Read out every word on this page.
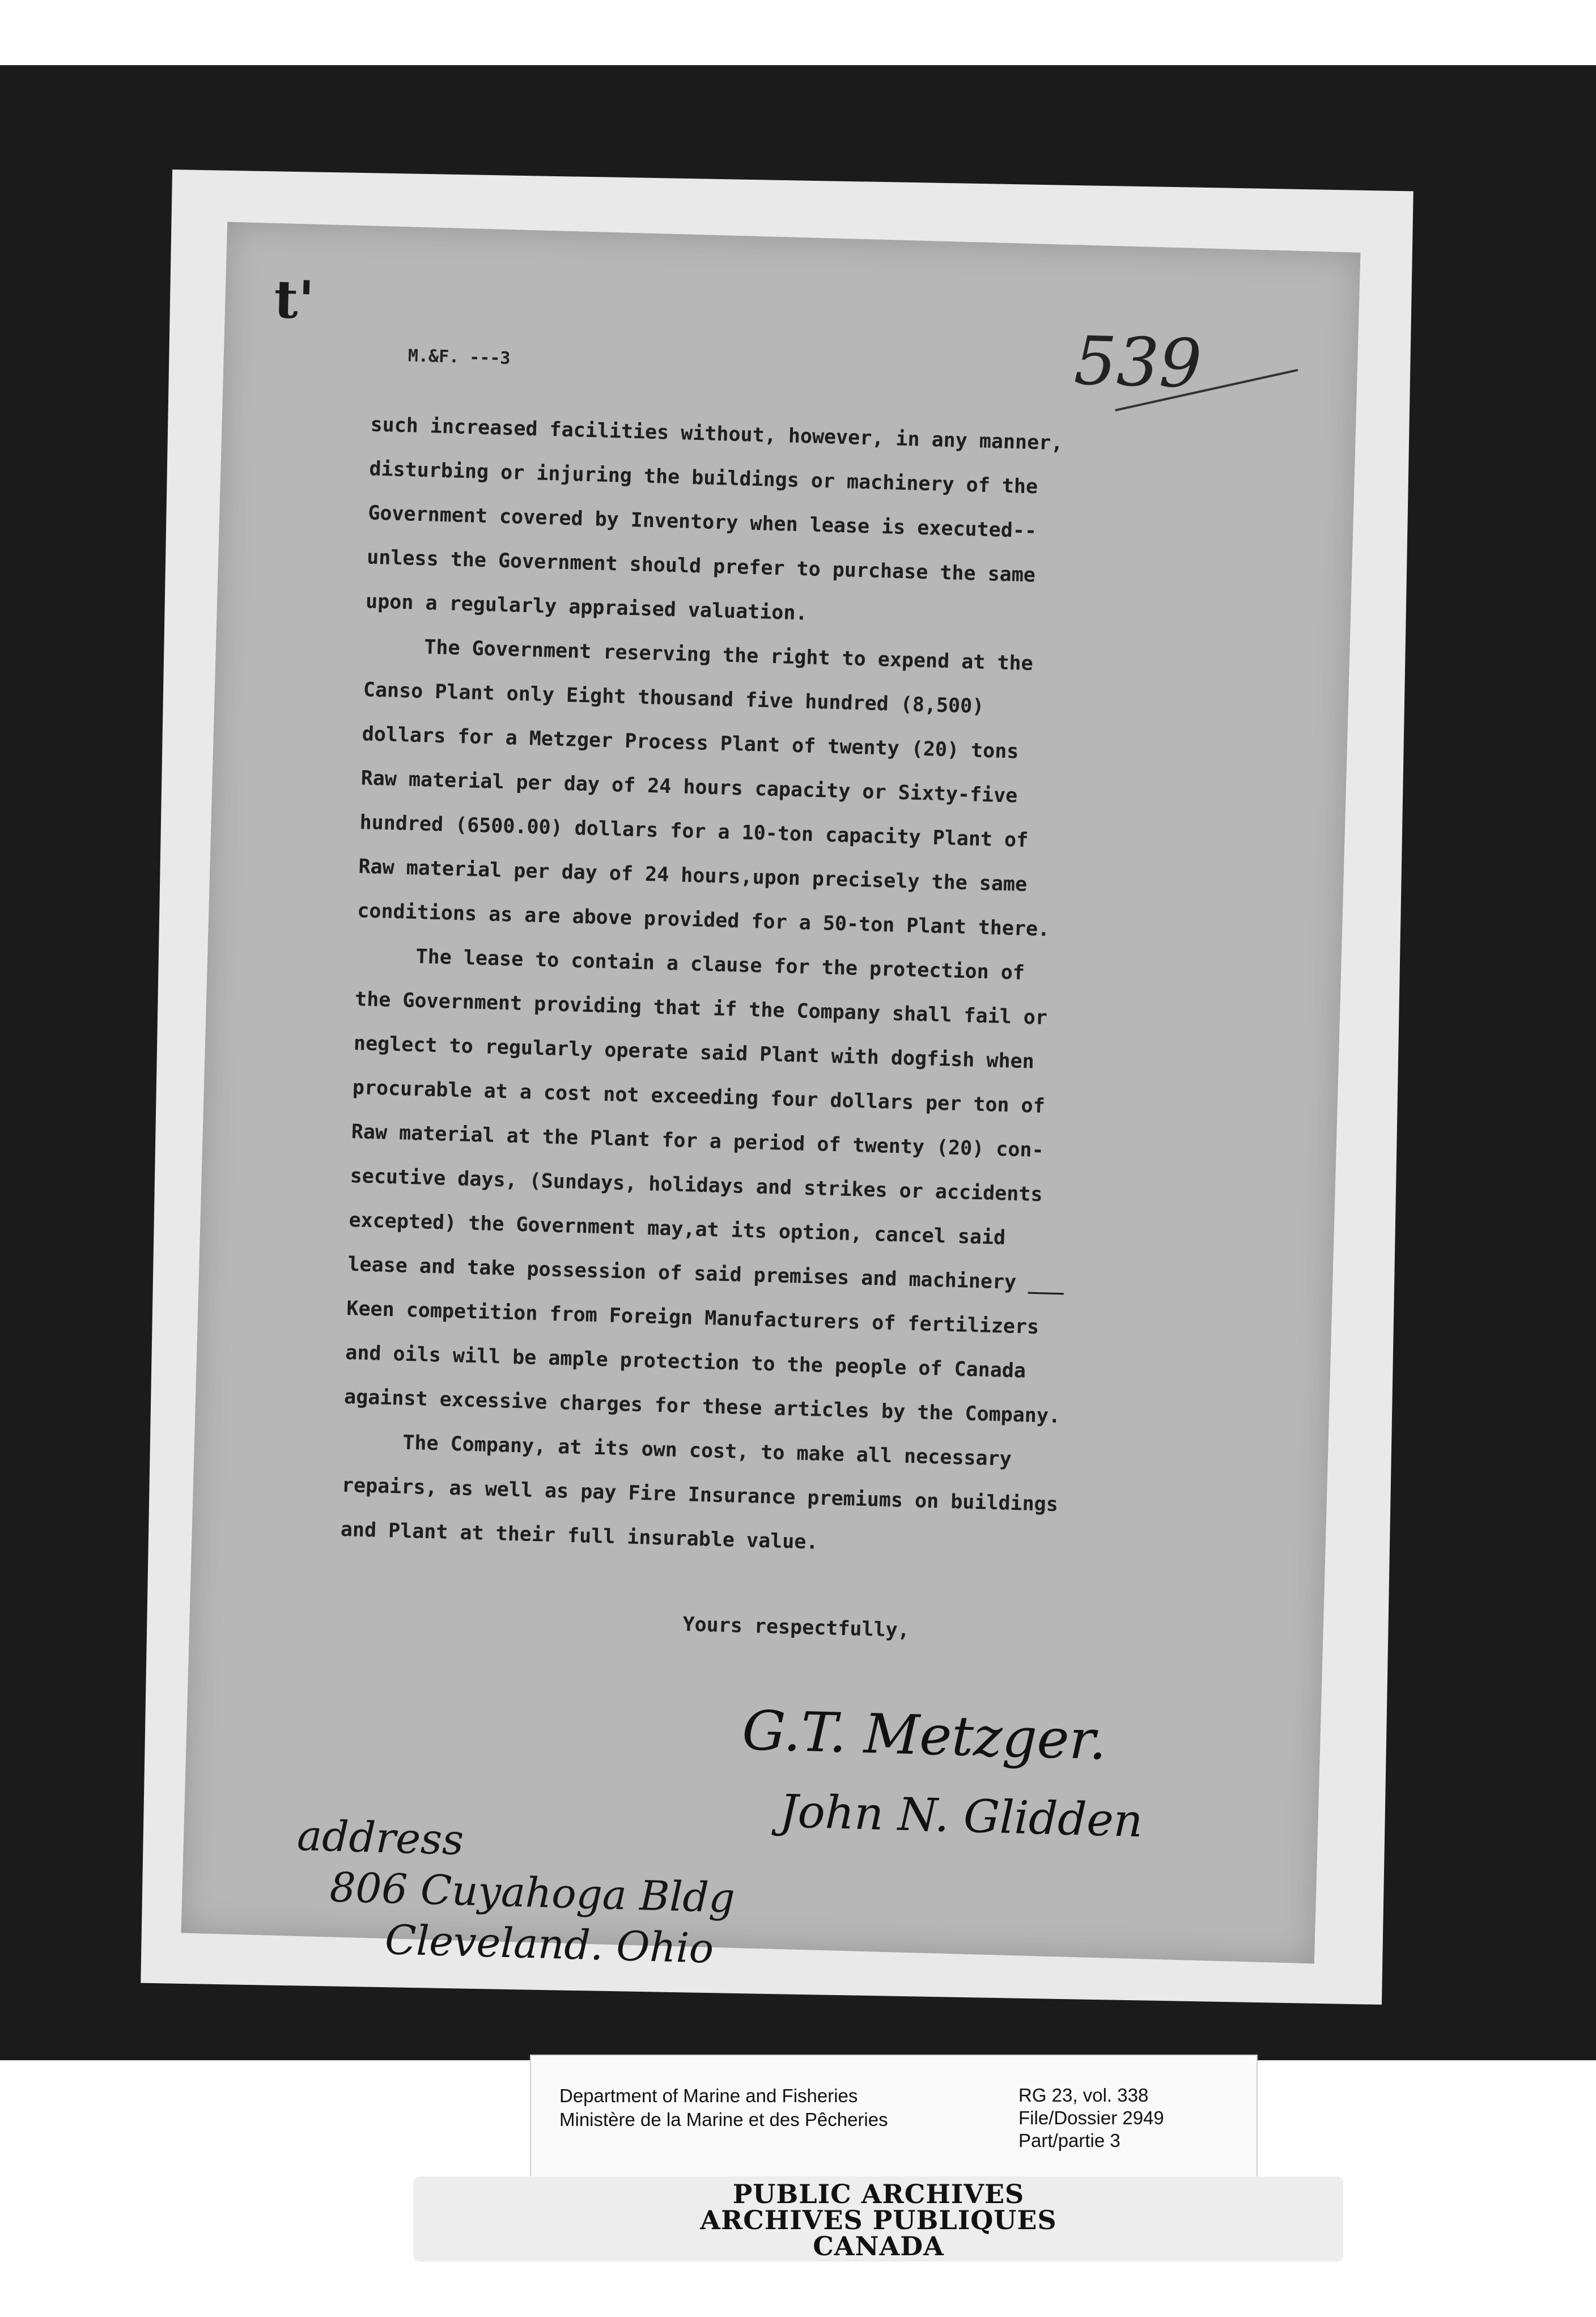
t'
M.&F. ---3	539
such increased facilities without, however, in any manner,
disturbing or injuring the buildings or machinery of the
Government covered by Inventory when lease is executed--
unless the Government should prefer to purchase the same
upon a regularly appraised valuation.
The Government reserving the right to expend at the
Canso Plant only Eight thousand five hundred (8,500)
dollars for a Metzger Process Plant of twenty (20) tons
Raw material per day of 24 hours capacity or Sixty-five
hundred (6500.00) dollars for a 10-ton capacity Plant of
Raw material per day of 24 hours,upon precisely the same
conditions as are above provided for a 50-ton Plant there.
The lease to contain a clause for the protection of
the Government providing that if the Company shall fail or
neglect to regularly operate said Plant with dogfish when
procurable at a cost not exceeding four dollars per ton of
Raw material at the Plant for a period of twenty (20) con-
secutive days, (Sundays, holidays and strikes or accidents
excepted) the Government may,at its option, cancel said
lease and take possession of said premises and machinery ___
Keen competition from Foreign Manufacturers of fertilizers
and oils will be ample protection to the people of Canada
against excessive charges for these articles by the Company.
The Company, at its own cost, to make all necessary
repairs, as well as pay Fire Insurance premiums on buildings
and Plant at their full insurable value.
Yours respectfully,
G.T. Metzger.
John N. Glidden
address
806 Cuyahoga Bldg
Cleveland. Ohio
Department of Marine and Fisheries
Ministère de la Marine et des Pêcheries
RG 23, vol. 338
File/Dossier 2949
Part/partie 3
PUBLIC ARCHIVES
ARCHIVES PUBLIQUES
CANADA
